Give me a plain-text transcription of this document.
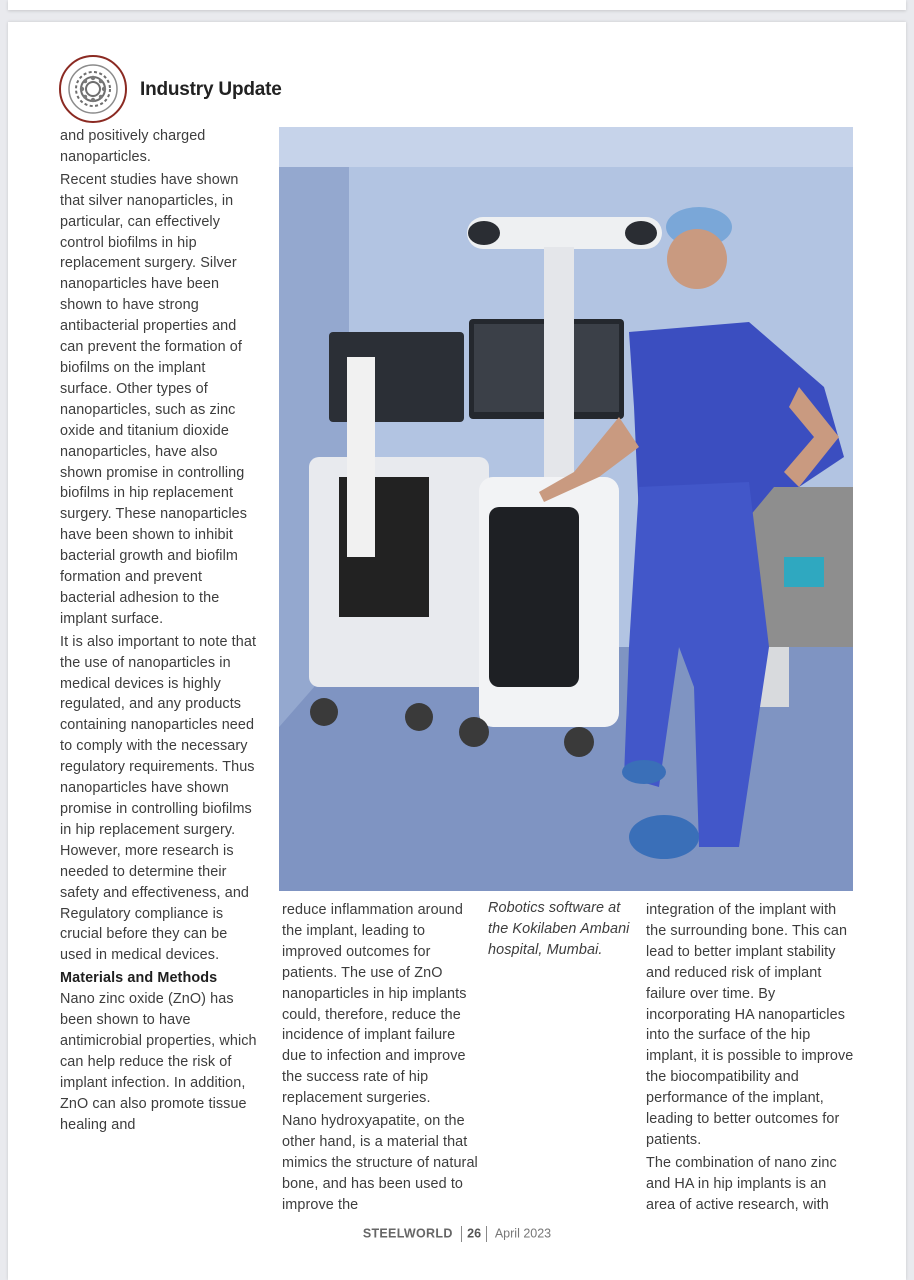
Industry Update

and positively charged nanoparticles.

Recent studies have shown that silver nanoparticles, in particular, can effectively control biofilms in hip replacement surgery. Silver nanoparticles have been shown to have strong antibacterial properties and can prevent the formation of biofilms on the implant surface. Other types of nanoparticles, such as zinc oxide and titanium dioxide nanoparticles, have also shown promise in controlling biofilms in hip replacement surgery. These nanoparticles have been shown to inhibit bacterial growth and biofilm formation and prevent bacterial adhesion to the implant surface.

It is also important to note that the use of nanoparticles in medical devices is highly regulated, and any products containing nanoparticles need to comply with the necessary regulatory requirements. Thus nanoparticles have shown promise in controlling biofilms in hip replacement surgery. However, more research is needed to determine their safety and effectiveness, and Regulatory compliance is crucial before they can be used in medical devices.

Materials and Methods

Nano zinc oxide (ZnO) has been shown to have antimicrobial properties, which can help reduce the risk of implant infection. In addition, ZnO can also promote tissue healing and

reduce inflammation around the implant, leading to improved outcomes for patients. The use of ZnO nanoparticles in hip implants could, therefore, reduce the incidence of implant failure due to infection and improve the success rate of hip replacement surgeries.

Nano hydroxyapatite, on the other hand, is a material that mimics the structure of natural bone, and has been used to improve the

Robotics software at the Kokilaben Ambani hospital, Mumbai.

integration of the implant with the surrounding bone. This can lead to better implant stability and reduced risk of implant failure over time. By incorporating HA nanoparticles into the surface of the hip implant, it is possible to improve the biocompatibility and performance of the implant, leading to better outcomes for patients.

The combination of nano zinc and HA in hip implants is an area of active research, with

STEELWORLD 26 April 2023
